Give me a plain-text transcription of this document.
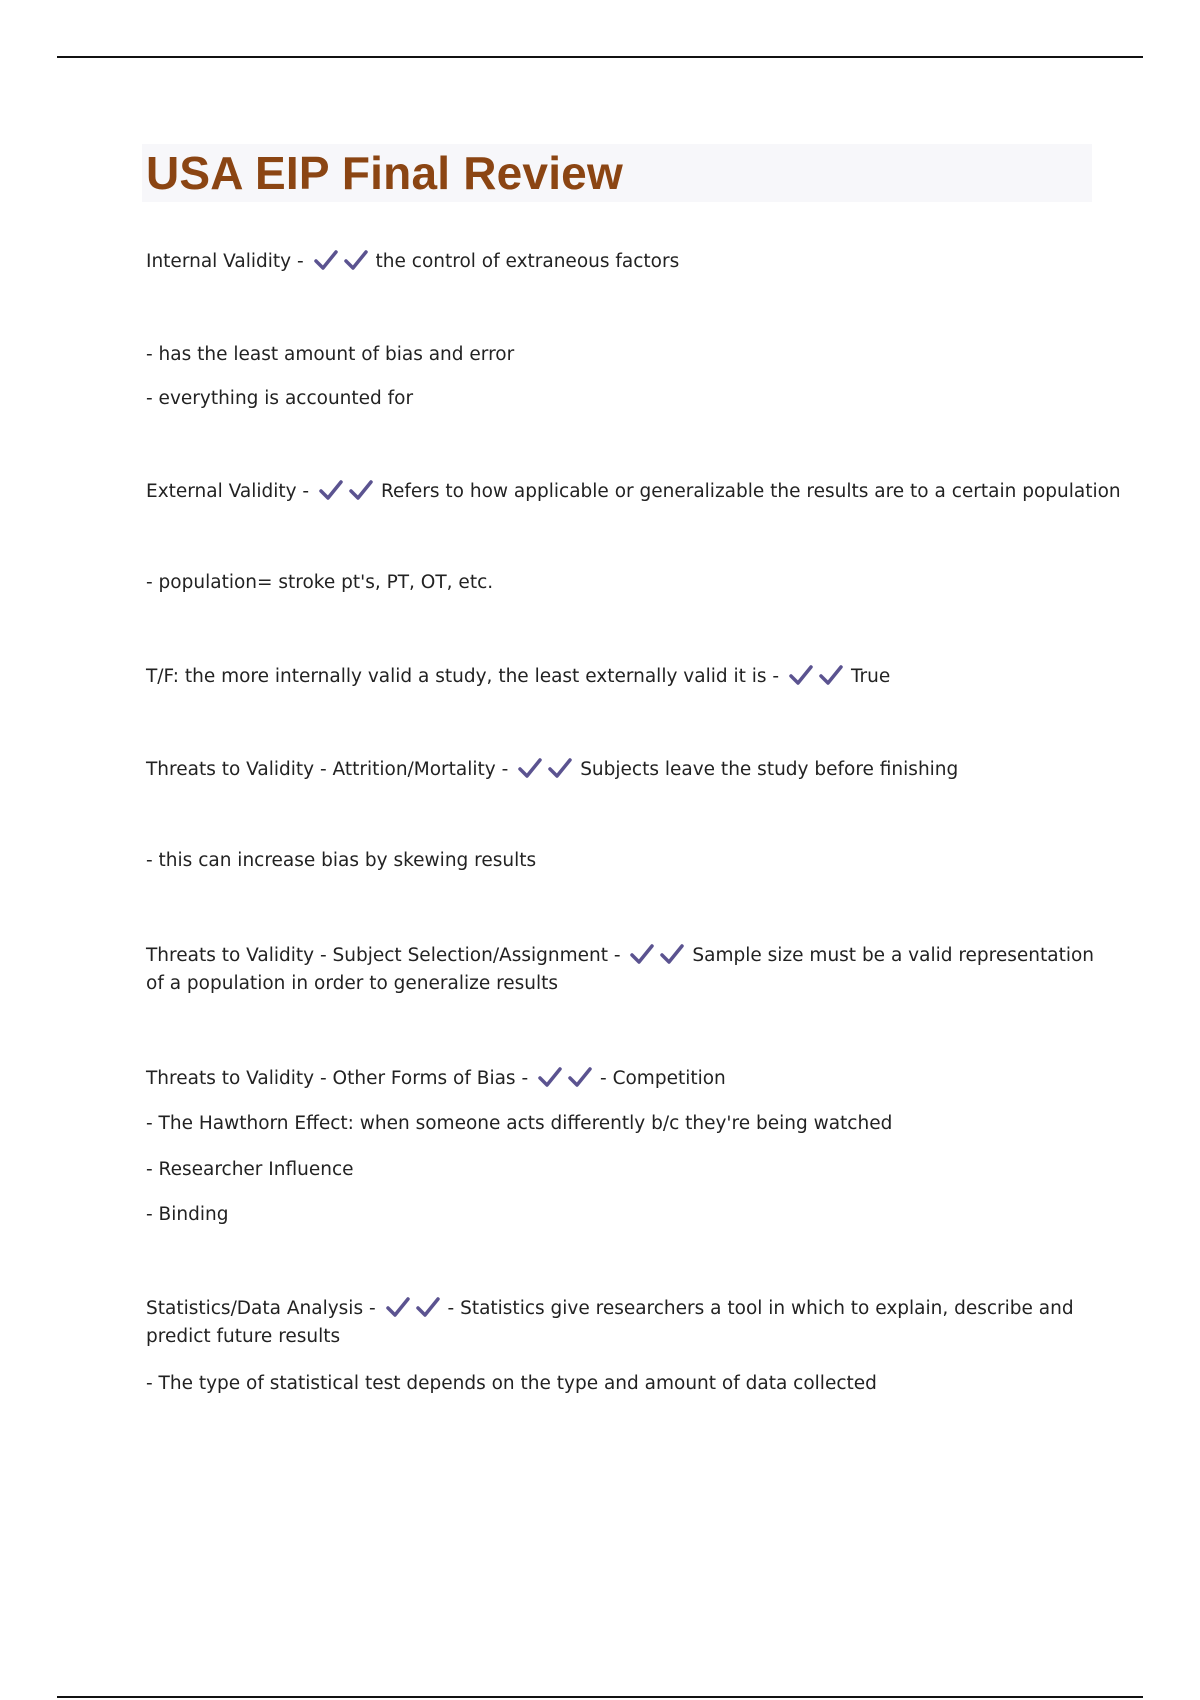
USA EIP Final Review
Internal Validity -	the control of extraneous factors
- has the least amount of bias and error
- everything is accounted for
External Validity -	Refers to how applicable or generalizable the results are to a certain population
- population= stroke pt's, PT, OT, etc.
T/F: the more internally valid a study, the least externally valid it is -	True
Threats to Validity - Attrition/Mortality -	Subjects leave the study before finishing
- this can increase bias by skewing results
Threats to Validity - Subject Selection/Assignment -	Sample size must be a valid representation of a population in order to generalize results
Threats to Validity - Other Forms of Bias -	- Competition
- The Hawthorn Effect: when someone acts differently b/c they're being watched
- Researcher Influence
- Binding
Statistics/Data Analysis -	- Statistics give researchers a tool in which to explain, describe and predict future results
- The type of statistical test depends on the type and amount of data collected
